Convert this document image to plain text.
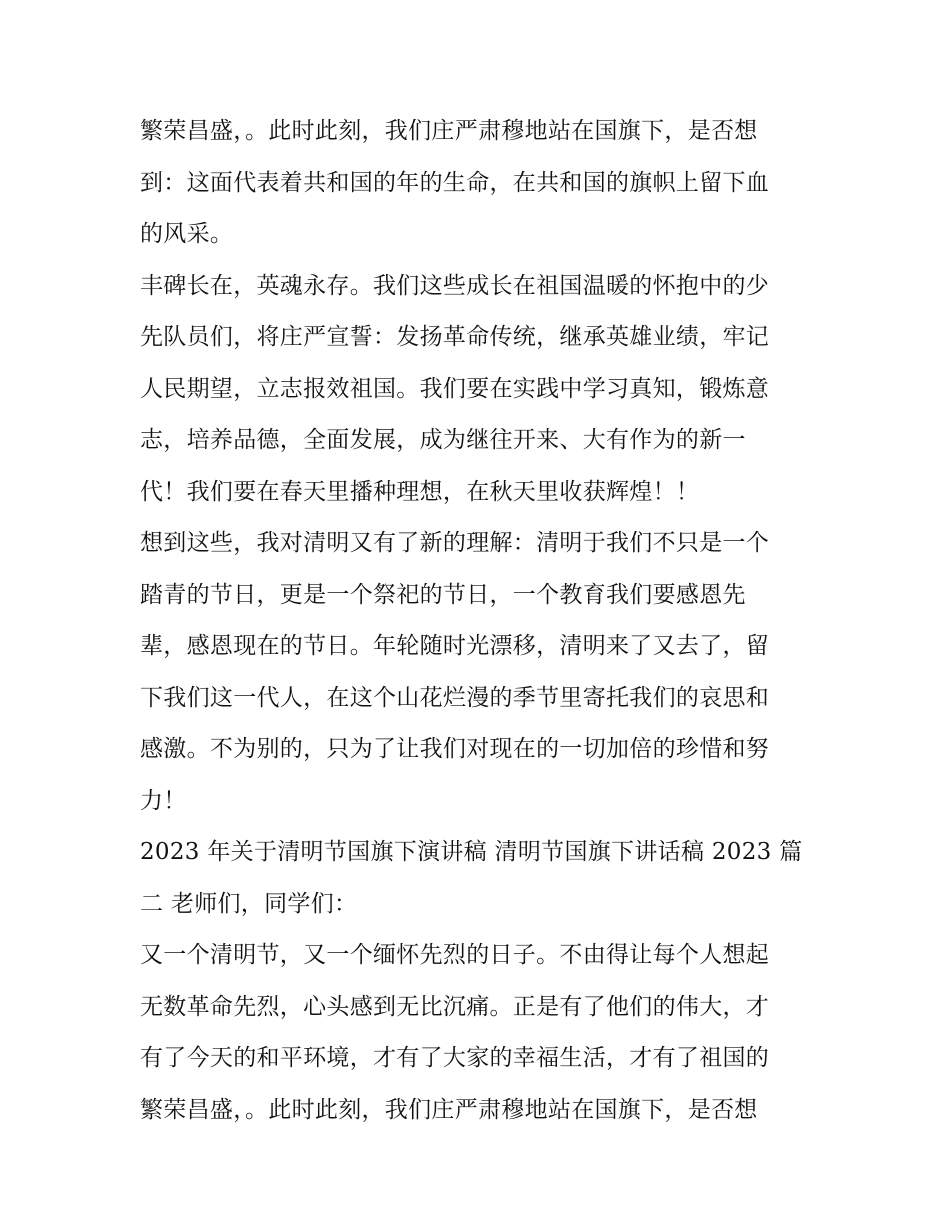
繁荣昌盛，。此时此刻，我们庄严肃穆地站在国旗下，是否想
到：这面代表着共和国的年的生命，在共和国的旗帜上留下血
的风采。
丰碑长在，英魂永存。我们这些成长在祖国温暖的怀抱中的少
先队员们，将庄严宣誓：发扬革命传统，继承英雄业绩，牢记
人民期望，立志报效祖国。我们要在实践中学习真知，锻炼意
志，培养品德，全面发展，成为继往开来、大有作为的新一
代！我们要在春天里播种理想，在秋天里收获辉煌！！
想到这些，我对清明又有了新的理解：清明于我们不只是一个
踏青的节日，更是一个祭祀的节日，一个教育我们要感恩先
辈，感恩现在的节日。年轮随时光漂移，清明来了又去了，留
下我们这一代人，在这个山花烂漫的季节里寄托我们的哀思和
感激。不为别的，只为了让我们对现在的一切加倍的珍惜和努
力！
2023 年关于清明节国旗下演讲稿 清明节国旗下讲话稿 2023 篇
二 老师们，同学们：
又一个清明节，又一个缅怀先烈的日子。不由得让每个人想起
无数革命先烈，心头感到无比沉痛。正是有了他们的伟大，才
有了今天的和平环境，才有了大家的幸福生活，才有了祖国的
繁荣昌盛，。此时此刻，我们庄严肃穆地站在国旗下，是否想
